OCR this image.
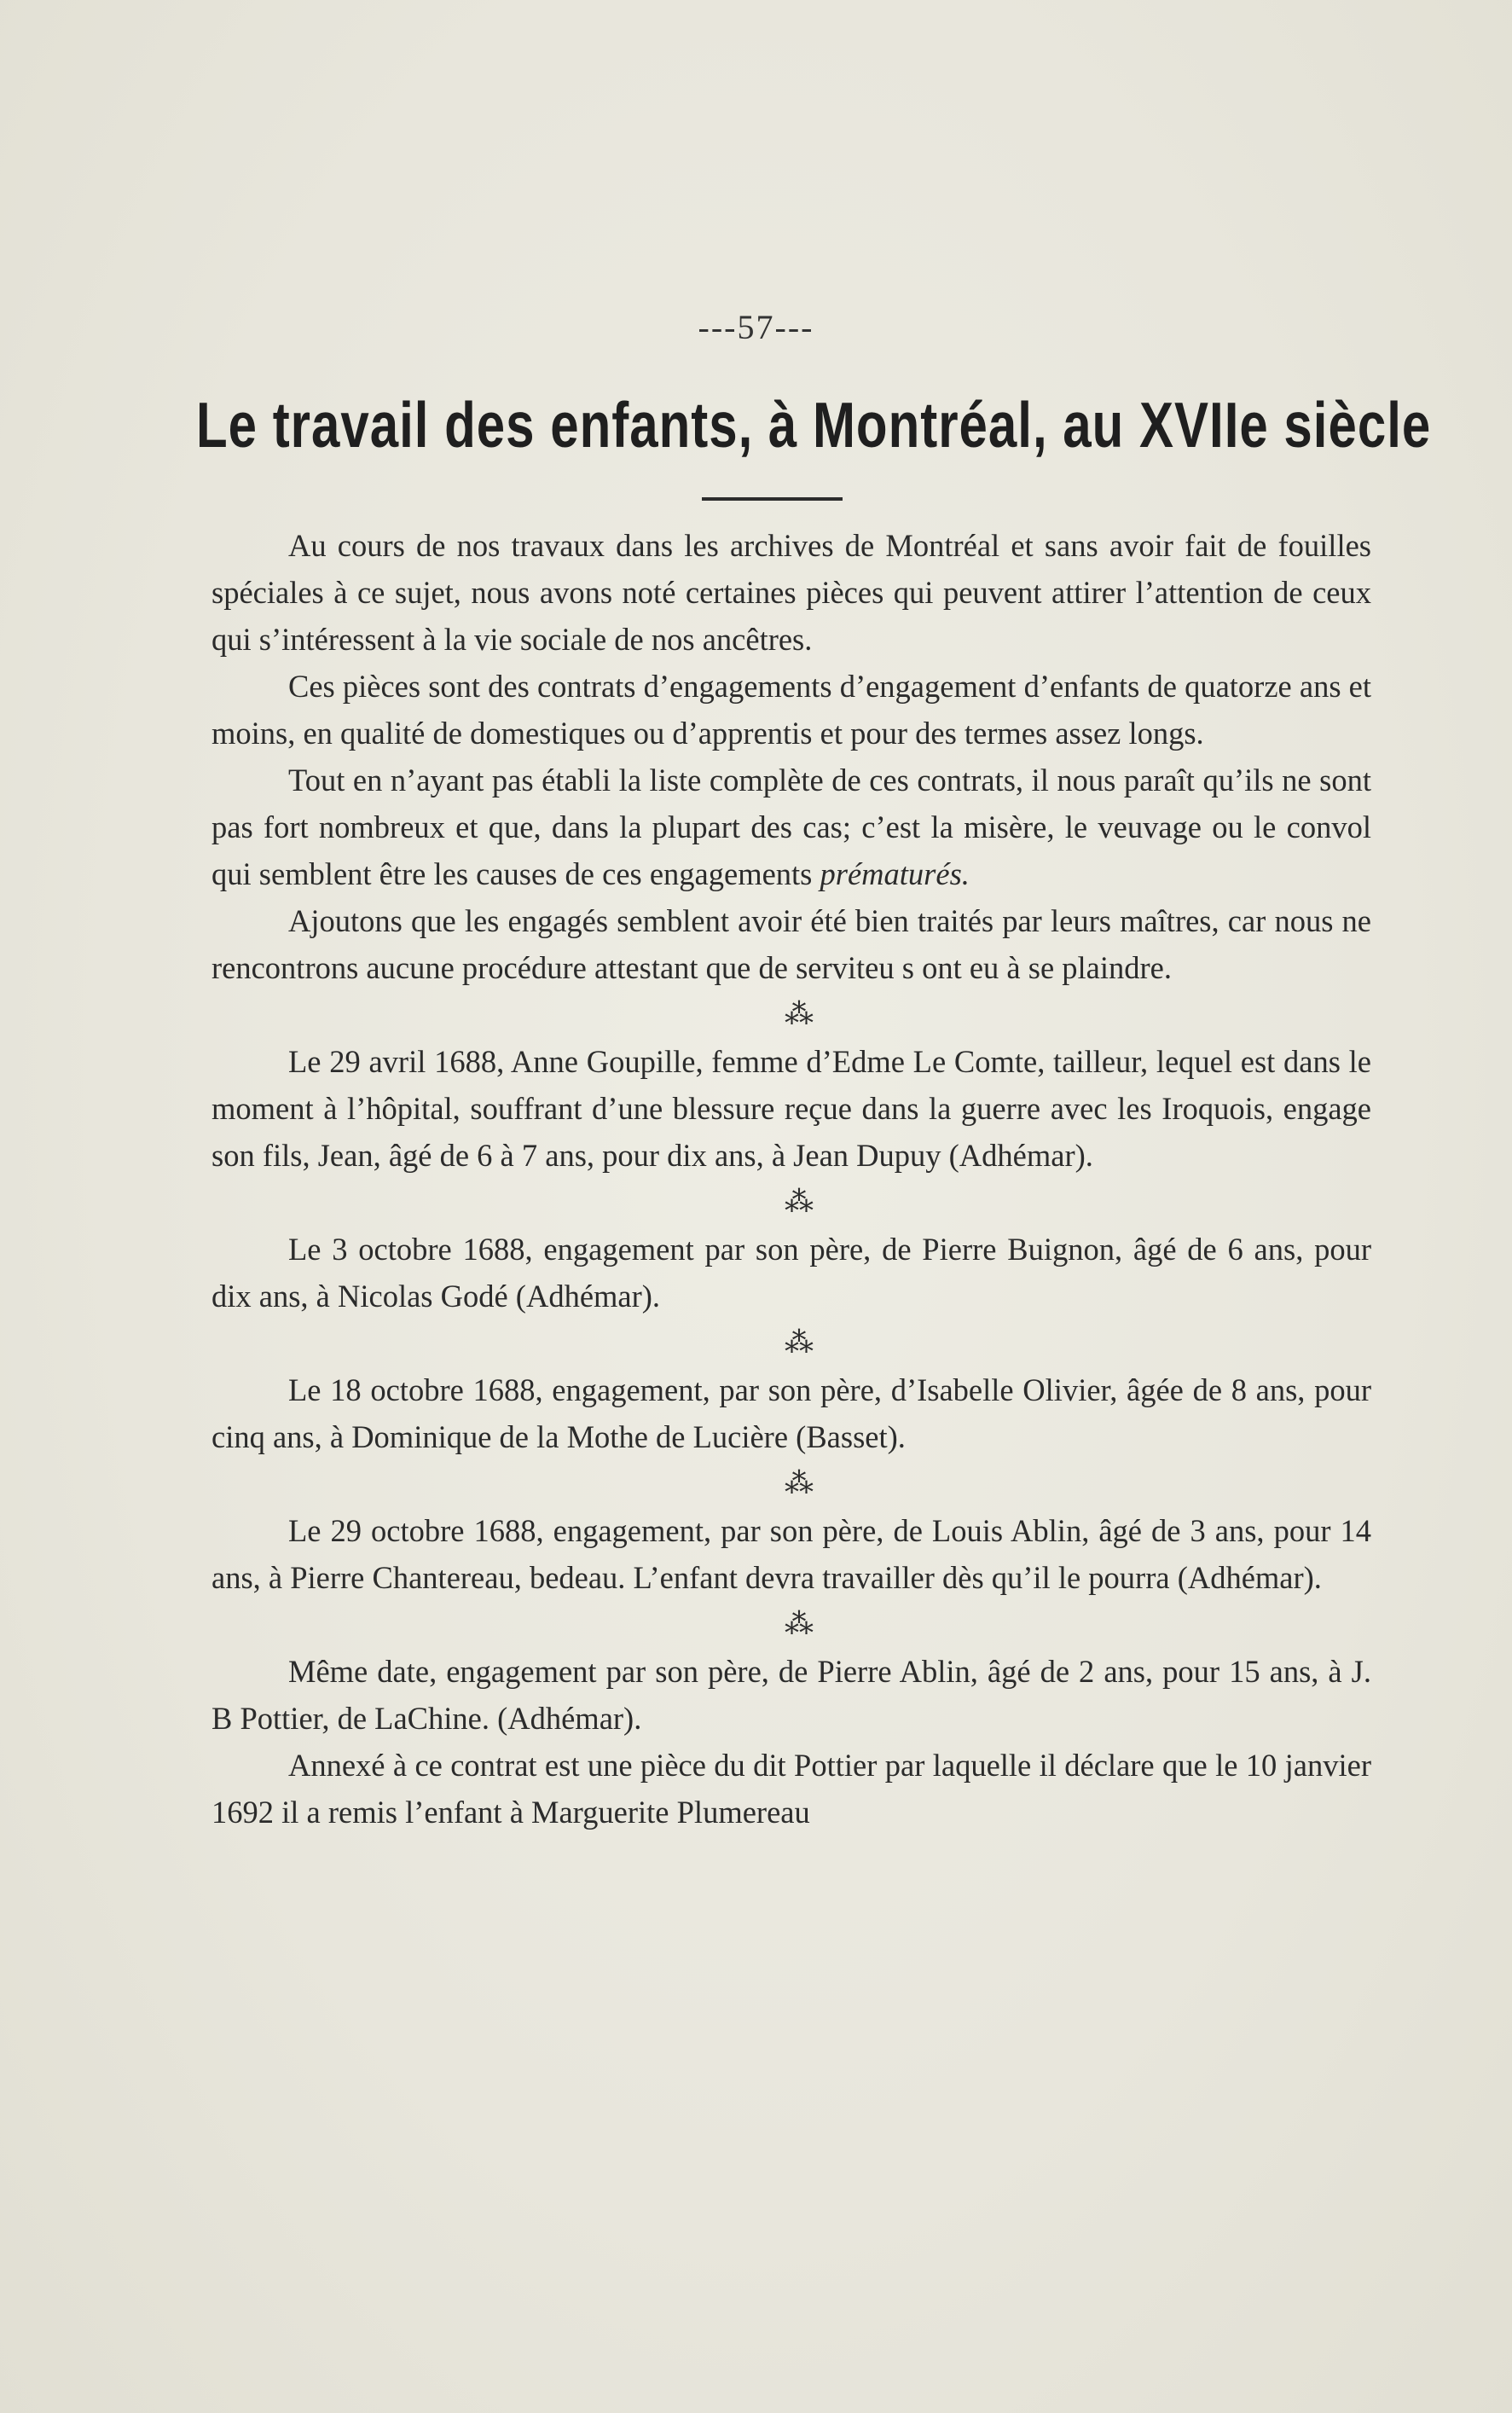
---57---
Le travail des enfants, à Montréal, au XVIIe siècle

Au cours de nos travaux dans les archives de Montréal et sans avoir fait de fouilles spéciales à ce sujet, nous avons noté certaines pièces qui peuvent attirer l’attention de ceux qui s’intéressent à la vie sociale de nos ancêtres.

Ces pièces sont des contrats d’engagements d’engagement d’enfants de quatorze ans et moins, en qualité de domestiques ou d’apprentis et pour des termes assez longs.

Tout en n’ayant pas établi la liste complète de ces contrats, il nous paraît qu’ils ne sont pas fort nombreux et que, dans la plupart des cas; c’est la misère, le veuvage ou le convol qui semblent être les causes de ces engagements prématurés.

Ajoutons que les engagés semblent avoir été bien traités par leurs maîtres, car nous ne rencontrons aucune procédure attestant que de serviteu s ont eu à se plaindre.

⁂

Le 29 avril 1688, Anne Goupille, femme d’Edme Le Comte, tailleur, lequel est dans le moment à l’hôpital, souffrant d’une blessure reçue dans la guerre avec les Iroquois, engage son fils, Jean, âgé de 6 à 7 ans, pour dix ans, à Jean Dupuy (Adhémar).

⁂

Le 3 octobre 1688, engagement par son père, de Pierre Buignon, âgé de 6 ans, pour dix ans, à Nicolas Godé (Adhémar).

⁂

Le 18 octobre 1688, engagement, par son père, d’Isabelle Olivier, âgée de 8 ans, pour cinq ans, à Dominique de la Mothe de Lucière (Basset).

⁂

Le 29 octobre 1688, engagement, par son père, de Louis Ablin, âgé de 3 ans, pour 14 ans, à Pierre Chantereau, bedeau. L’enfant devra travailler dès qu’il le pourra (Adhémar).

⁂

Même date, engagement par son père, de Pierre Ablin, âgé de 2 ans, pour 15 ans, à J. B Pottier, de LaChine. (Adhémar).

Annexé à ce contrat est une pièce du dit Pottier par laquelle il déclare que le 10 janvier 1692 il a remis l’enfant à Marguerite Plumereau
